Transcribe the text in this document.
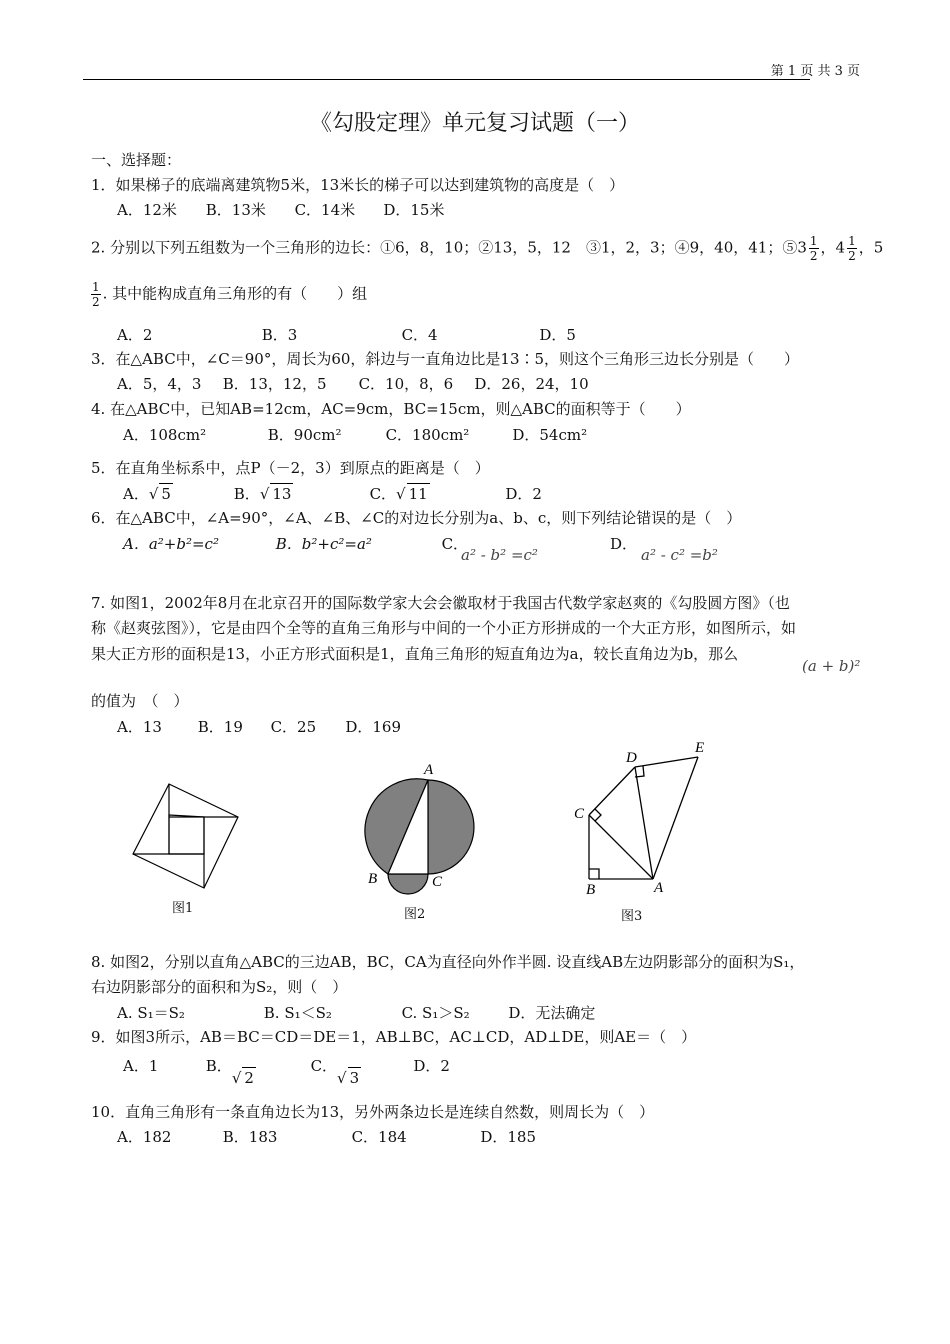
第 1 页 共 3 页
《勾股定理》单元复习试题（一）
一、选择题：
1．如果梯子的底端离建筑物5米，13米长的梯子可以达到建筑物的高度是（　）
A．12米 B．13米 C．14米 D．15米
2. 分别以下列五组数为一个三角形的边长：①6，8，10；②13，5，12　③1，2，3；④9，40，41；⑤3 $\frac{1}{2}$ ，$4 \frac{1}{2}$ ，5
$\frac{1}{2}$ . 其中能构成直角三角形的有（　　）组
A．2	B．3	C．4	D．5
3．在△ABC中，∠C＝90°，周长为60，斜边与一直角边比是13∶5，则这个三角形三边长分别是（　　）
A．5，4，3 B．13，12，5 C．10，8，6 D．26，24，10
4. 在△ABC中，已知AB=12cm，AC=9cm，BC=15cm，则△ABC的面积等于（　　）
A．108cm²	B．90cm²	C．180cm²	D．54cm²
5．在直角坐标系中，点P（－2，3）到原点的距离是（　）
A．√ 5	B．√ 13	C．√ 11	D．2
6．在△ABC中，∠A=90°，∠A、∠B、∠C的对边长分别为a、b、c，则下列结论错误的是（　）
A．a²+b²=c²	B．b²+c²=a²	C．
a² - b² =c²
D．
a² - c² =b²
7. 如图1，2002年8月在北京召开的国际数学家大会会徽取材于我国古代数学家赵爽的《勾股圆方图》（也
称《赵爽弦图》），它是由四个全等的直角三角形与中间的一个小正方形拼成的一个大正方形，如图所示，如
果大正方形的面积是13，小正方形式面积是1，直角三角形的短直角边为a，较长直角边为b，那么
(a + b)²
的值为　（　）
A．13 B．19 C．25 D．169
图1
A
B	C
图2
D
E
C
B	A
图3
8. 如图2，分别以直角△ABC的三边AB，BC，CA为直径向外作半圆. 设直线AB左边阴影部分的面积为S₁，
右边阴影部分的面积和为S₂，则（　）
A. S₁＝S₂	B. S₁＜S₂	C. S₁＞S₂	D．无法确定
9．如图3所示，AB＝BC＝CD＝DE＝1，AB⊥BC，AC⊥CD，AD⊥DE，则AE＝（　）
A．1	B．√ 2 C．√ 3 D．2
10．直角三角形有一条直角边长为13，另外两条边长是连续自然数，则周长为（　）
A．182	B．183	C．184	D．185
